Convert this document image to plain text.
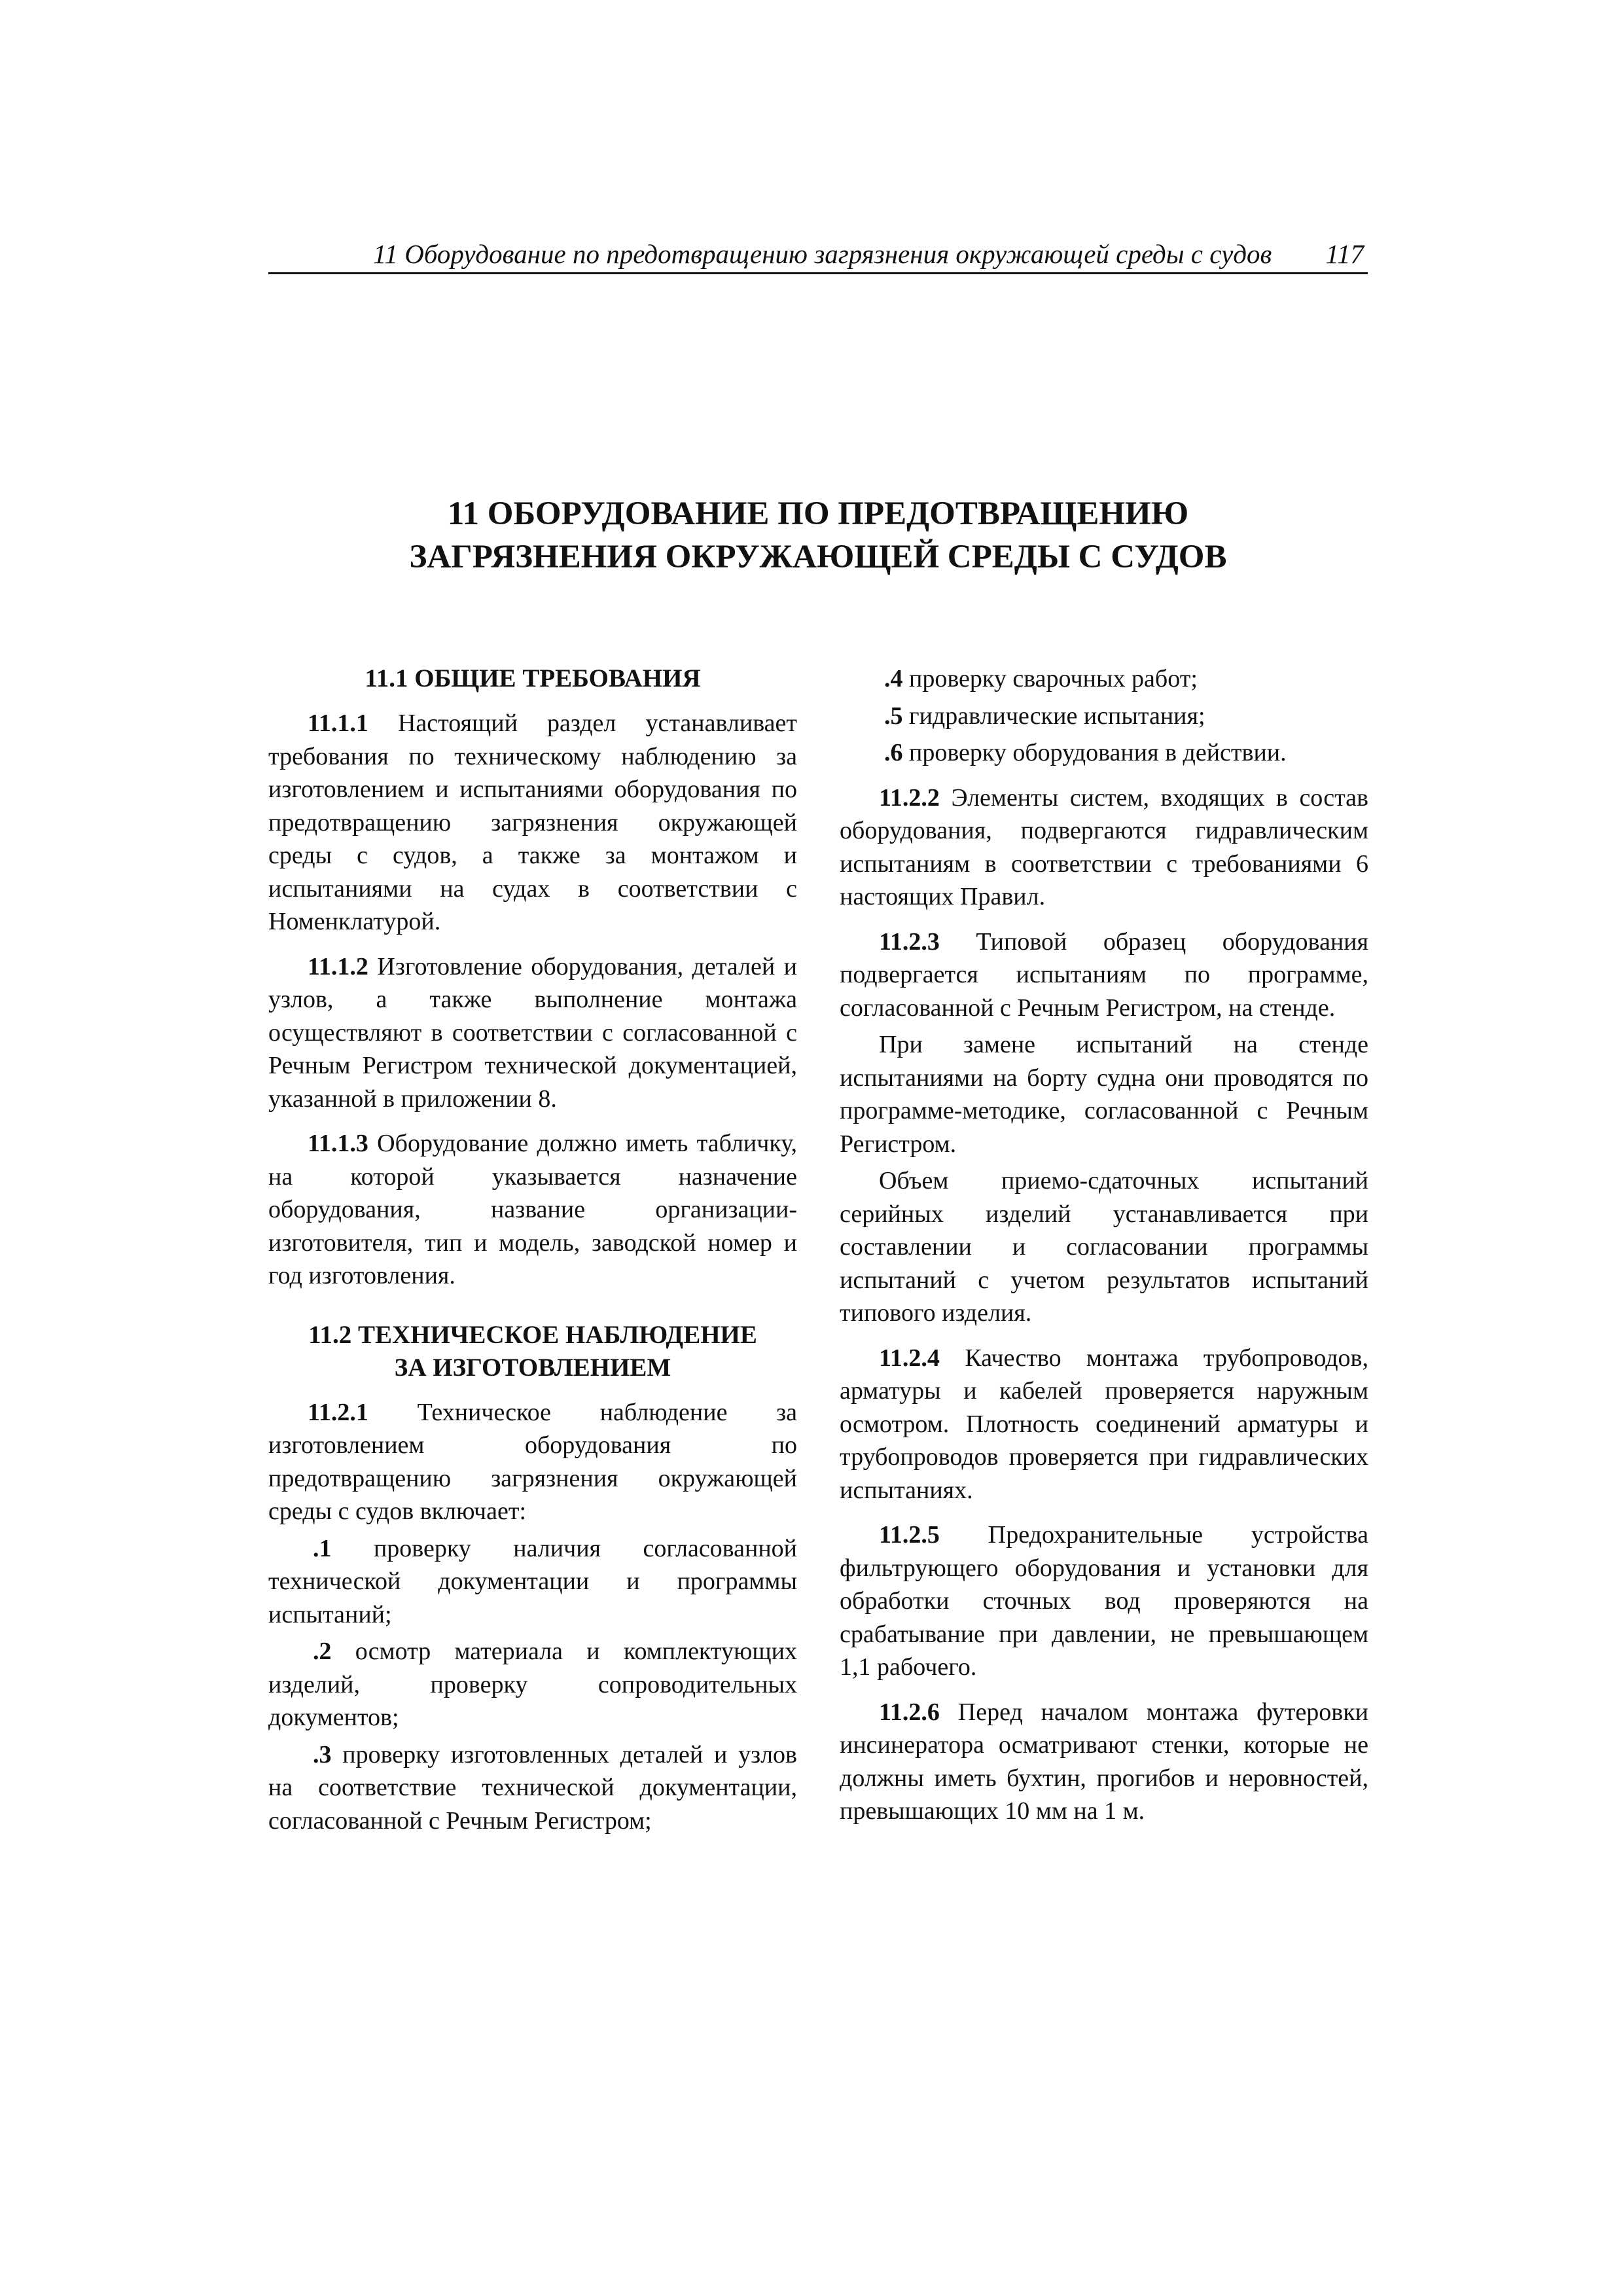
11 Оборудование по предотвращению загрязнения окружающей среды с судов 117
11 ОБОРУДОВАНИЕ ПО ПРЕДОТВРАЩЕНИЮ
ЗАГРЯЗНЕНИЯ ОКРУЖАЮЩЕЙ СРЕДЫ С СУДОВ
11.1 ОБЩИЕ ТРЕБОВАНИЯ

11.1.1 Настоящий раздел устанавливает требования по техническому наблюдению за изготовлением и испытаниями оборудования по предотвращению загрязнения окружающей среды с судов, а также за монтажом и испытаниями на судах в соответствии с Номенклатурой.

11.1.2 Изготовление оборудования, деталей и узлов, а также выполнение монтажа осуществляют в соответствии с согласованной с Речным Регистром технической документацией, указанной в приложении 8.

11.1.3 Оборудование должно иметь табличку, на которой указывается назначение оборудования, название организации-изготовителя, тип и модель, заводской номер и год изготовления.

11.2 ТЕХНИЧЕСКОЕ НАБЛЮДЕНИЕ
ЗА ИЗГОТОВЛЕНИЕМ

11.2.1 Техническое наблюдение за изготовлением оборудования по предотвращению загрязнения окружающей среды с судов включает:

.1 проверку наличия согласованной технической документации и программы испытаний;

.2 осмотр материала и комплектующих изделий, проверку сопроводительных документов;

.3 проверку изготовленных деталей и узлов на соответствие технической документации, согласованной с Речным Регистром;

.4 проверку сварочных работ;

.5 гидравлические испытания;

.6 проверку оборудования в действии.

11.2.2 Элементы систем, входящих в состав оборудования, подвергаются гидравлическим испытаниям в соответствии с требованиями 6 настоящих Правил.

11.2.3 Типовой образец оборудования подвергается испытаниям по программе, согласованной с Речным Регистром, на стенде.

При замене испытаний на стенде испытаниями на борту судна они проводятся по программе-методике, согласованной с Речным Регистром.

Объем приемо-сдаточных испытаний серийных изделий устанавливается при составлении и согласовании программы испытаний с учетом результатов испытаний типового изделия.

11.2.4 Качество монтажа трубопроводов, арматуры и кабелей проверяется наружным осмотром. Плотность соединений арматуры и трубопроводов проверяется при гидравлических испытаниях.

11.2.5 Предохранительные устройства фильтрующего оборудования и установки для обработки сточных вод проверяются на срабатывание при давлении, не превышающем 1,1 рабочего.

11.2.6 Перед началом монтажа футеровки инсинератора осматривают стенки, которые не должны иметь бухтин, прогибов и неровностей, превышающих 10 мм на 1 м.
